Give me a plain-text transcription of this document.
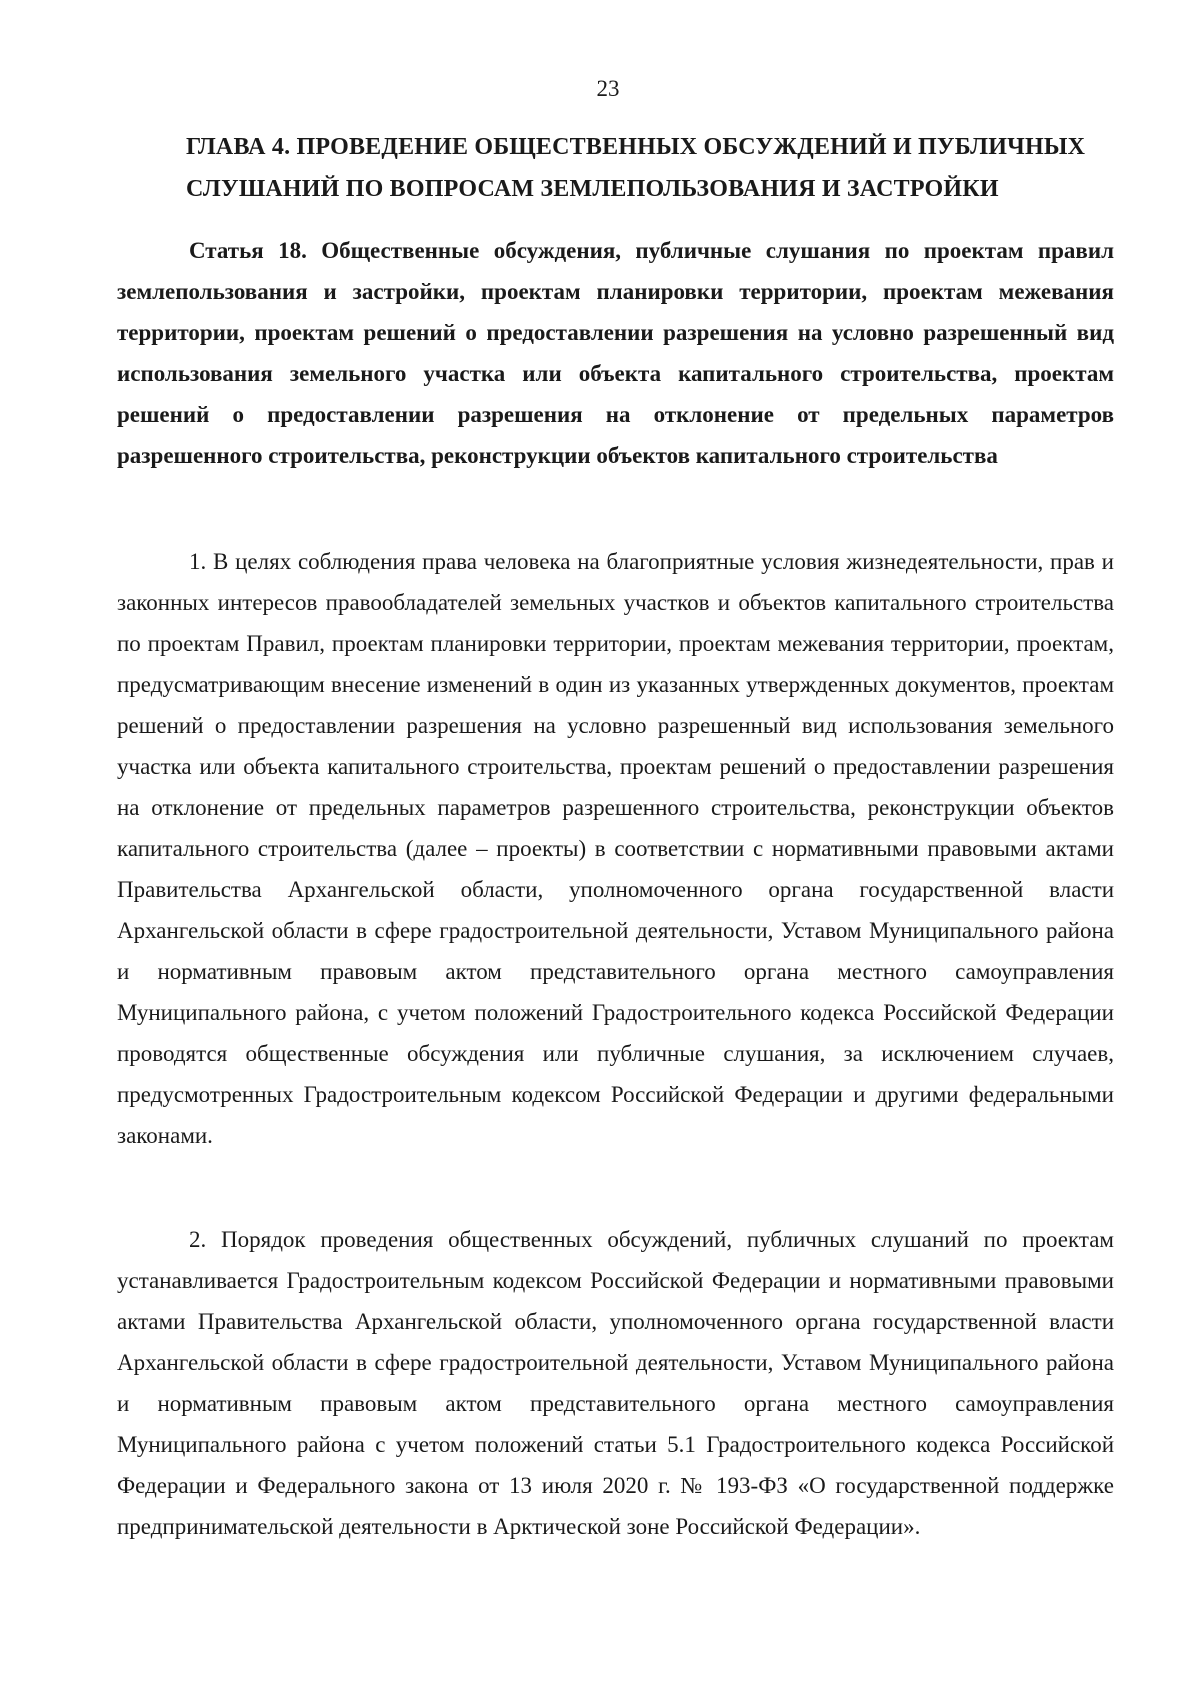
23
ГЛАВА 4. ПРОВЕДЕНИЕ ОБЩЕСТВЕННЫХ ОБСУЖДЕНИЙ И ПУБЛИЧНЫХ
СЛУШАНИЙ ПО ВОПРОСАМ ЗЕМЛЕПОЛЬЗОВАНИЯ И ЗАСТРОЙКИ

Статья 18. Общественные обсуждения, публичные слушания по проектам правил землепользования и застройки, проектам планировки территории, проектам межевания территории, проектам решений о предоставлении разрешения на условно разрешенный вид использования земельного участка или объекта капитального строительства, проектам решений о предоставлении разрешения на отклонение от предельных параметров разрешенного строительства, реконструкции объектов капитального строительства

1. В целях соблюдения права человека на благоприятные условия жизнедеятельности, прав и законных интересов правообладателей земельных участков и объектов капитального строительства по проектам Правил, проектам планировки территории, проектам межевания территории, проектам, предусматривающим внесение изменений в один из указанных утвержденных документов, проектам решений о предоставлении разрешения на условно разрешенный вид использования земельного участка или объекта капитального строительства, проектам решений о предоставлении разрешения на отклонение от предельных параметров разрешенного строительства, реконструкции объектов капитального строительства (далее – проекты) в соответствии с нормативными правовыми актами Правительства Архангельской области, уполномоченного органа государственной власти Архангельской области в сфере градостроительной деятельности, Уставом Муниципального района и нормативным правовым актом представительного органа местного самоуправления Муниципального района, с учетом положений Градостроительного кодекса Российской Федерации проводятся общественные обсуждения или публичные слушания, за исключением случаев, предусмотренных Градостроительным кодексом Российской Федерации и другими федеральными законами.

2. Порядок проведения общественных обсуждений, публичных слушаний по проектам устанавливается Градостроительным кодексом Российской Федерации и нормативными правовыми актами Правительства Архангельской области, уполномоченного органа государственной власти Архангельской области в сфере градостроительной деятельности, Уставом Муниципального района и нормативным правовым актом представительного органа местного самоуправления Муниципального района с учетом положений статьи 5.1 Градостроительного кодекса Российской Федерации и Федерального закона от 13 июля 2020 г. № 193-ФЗ «О государственной поддержке предпринимательской деятельности в Арктической зоне Российской Федерации».
